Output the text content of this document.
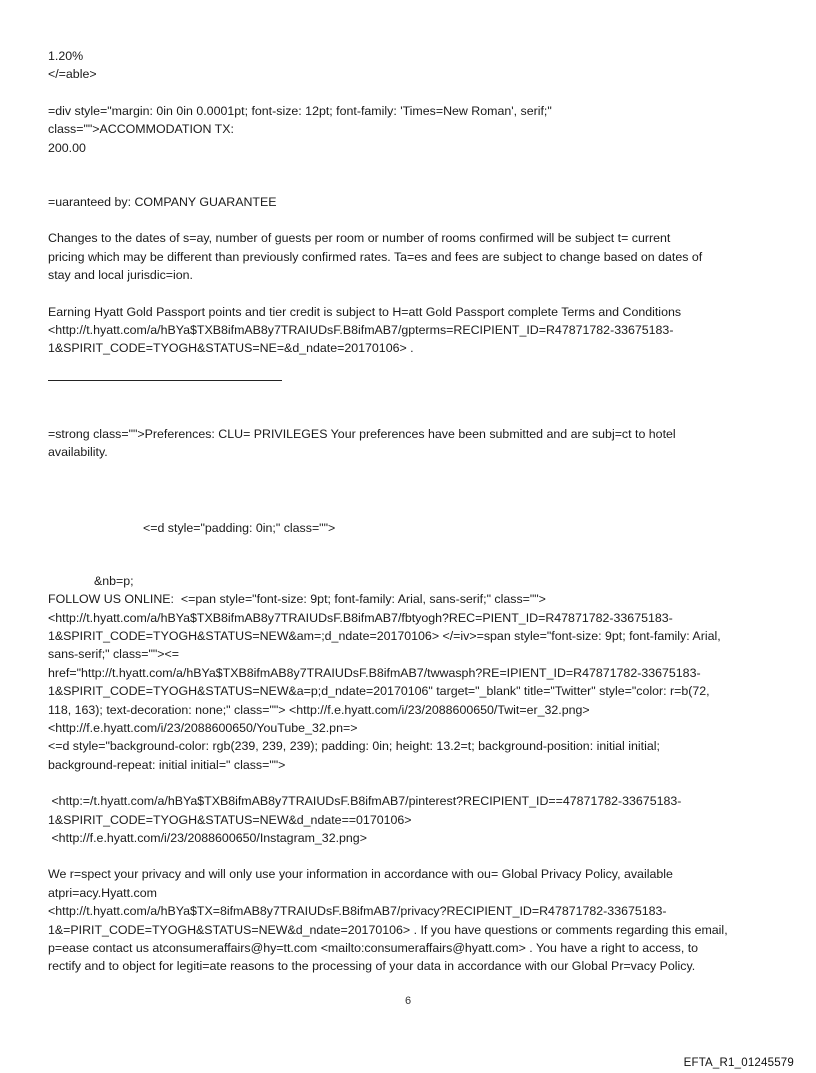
1.20%

</=able>

=div style="margin: 0in 0in 0.0001pt; font-size: 12pt; font-family: 'Times=New Roman', serif;"

class="">ACCOMMODATION TX:

200.00

=uaranteed by: COMPANY GUARANTEE

Changes to the dates of s=ay, number of guests per room or number of rooms confirmed will be subject t= current

pricing which may be different than previously confirmed rates. Ta=es and fees are subject to change based on dates of

stay and local jurisdic=ion.

Earning Hyatt Gold Passport points and tier credit is subject to H=att Gold Passport complete Terms and Conditions

<http://t.hyatt.com/a/hBYa$TXB8ifmAB8y7TRAIUDsF.B8ifmAB7/gpterms=RECIPIENT_ID=R47871782-33675183-

1&SPIRIT_CODE=TYOGH&STATUS=NE=&d_ndate=20170106> .

=strong class="">Preferences: CLU= PRIVILEGES Your preferences have been submitted and are subj=ct to hotel

availability.

<=d style="padding: 0in;" class="">

&nb=p;

FOLLOW US ONLINE:  <=pan style="font-size: 9pt; font-family: Arial, sans-serif;" class="">

<http://t.hyatt.com/a/hBYa$TXB8ifmAB8y7TRAIUDsF.B8ifmAB7/fbtyogh?REC=PIENT_ID=R47871782-33675183-

1&SPIRIT_CODE=TYOGH&STATUS=NEW&am=;d_ndate=20170106> </=iv>=span style="font-size: 9pt; font-family: Arial,

sans-serif;" class=""><=

href="http://t.hyatt.com/a/hBYa$TXB8ifmAB8y7TRAIUDsF.B8ifmAB7/twwasph?RE=IPIENT_ID=R47871782-33675183-

1&SPIRIT_CODE=TYOGH&STATUS=NEW&a=p;d_ndate=20170106" target="_blank" title="Twitter" style="color: r=b(72,

118, 163); text-decoration: none;" class=""> <http://f.e.hyatt.com/i/23/2088600650/Twit=er_32.png>

<http://f.e.hyatt.com/i/23/2088600650/YouTube_32.pn=>

<=d style="background-color: rgb(239, 239, 239); padding: 0in; height: 13.2=t; background-position: initial initial;

background-repeat: initial initial=" class="">

<http:=/t.hyatt.com/a/hBYa$TXB8ifmAB8y7TRAIUDsF.B8ifmAB7/pinterest?RECIPIENT_ID==47871782-33675183-

1&SPIRIT_CODE=TYOGH&STATUS=NEW&d_ndate==0170106>

<http://f.e.hyatt.com/i/23/2088600650/Instagram_32.png>

We r=spect your privacy and will only use your information in accordance with ou= Global Privacy Policy, available

atpri=acy.Hyatt.com

<http://t.hyatt.com/a/hBYa$TX=8ifmAB8y7TRAIUDsF.B8ifmAB7/privacy?RECIPIENT_ID=R47871782-33675183-

1&=PIRIT_CODE=TYOGH&STATUS=NEW&d_ndate=20170106> . If you have questions or comments regarding this email,

p=ease contact us atconsumeraffairs@hy=tt.com <mailto:consumeraffairs@hyatt.com> . You have a right to access, to

rectify and to object for legiti=ate reasons to the processing of your data in accordance with our Global Pr=vacy Policy.

6
EFTA_R1_01245579
